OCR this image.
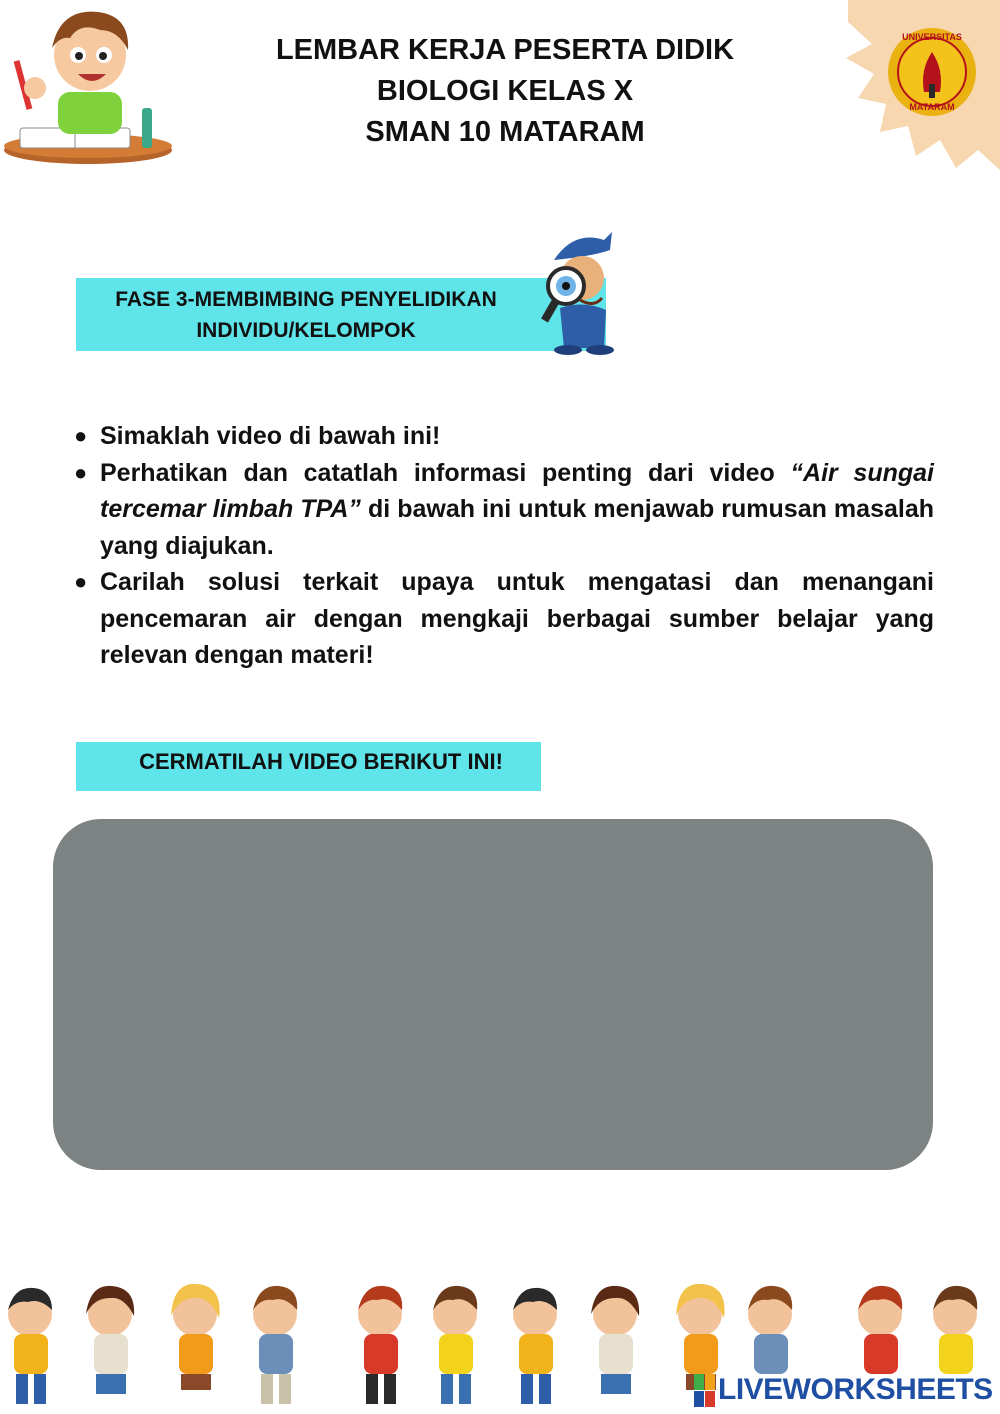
UNIVERSITAS
MATARAM
LEMBAR KERJA PESERTA DIDIK
BIOLOGI KELAS X
SMAN 10 MATARAM
FASE 3-MEMBIMBING PENYELIDIKAN
INDIVIDU/KELOMPOK
● Simaklah video di bawah ini!
● Perhatikan dan catatlah informasi penting dari video “Air sungai tercemar limbah TPA” di bawah ini untuk menjawab rumusan masalah yang diajukan.
● Carilah solusi terkait upaya untuk mengatasi dan menangani pencemaran air dengan mengkaji berbagai sumber belajar yang relevan dengan materi!
CERMATILAH VIDEO BERIKUT INI!
LIVEWORKSHEETS
